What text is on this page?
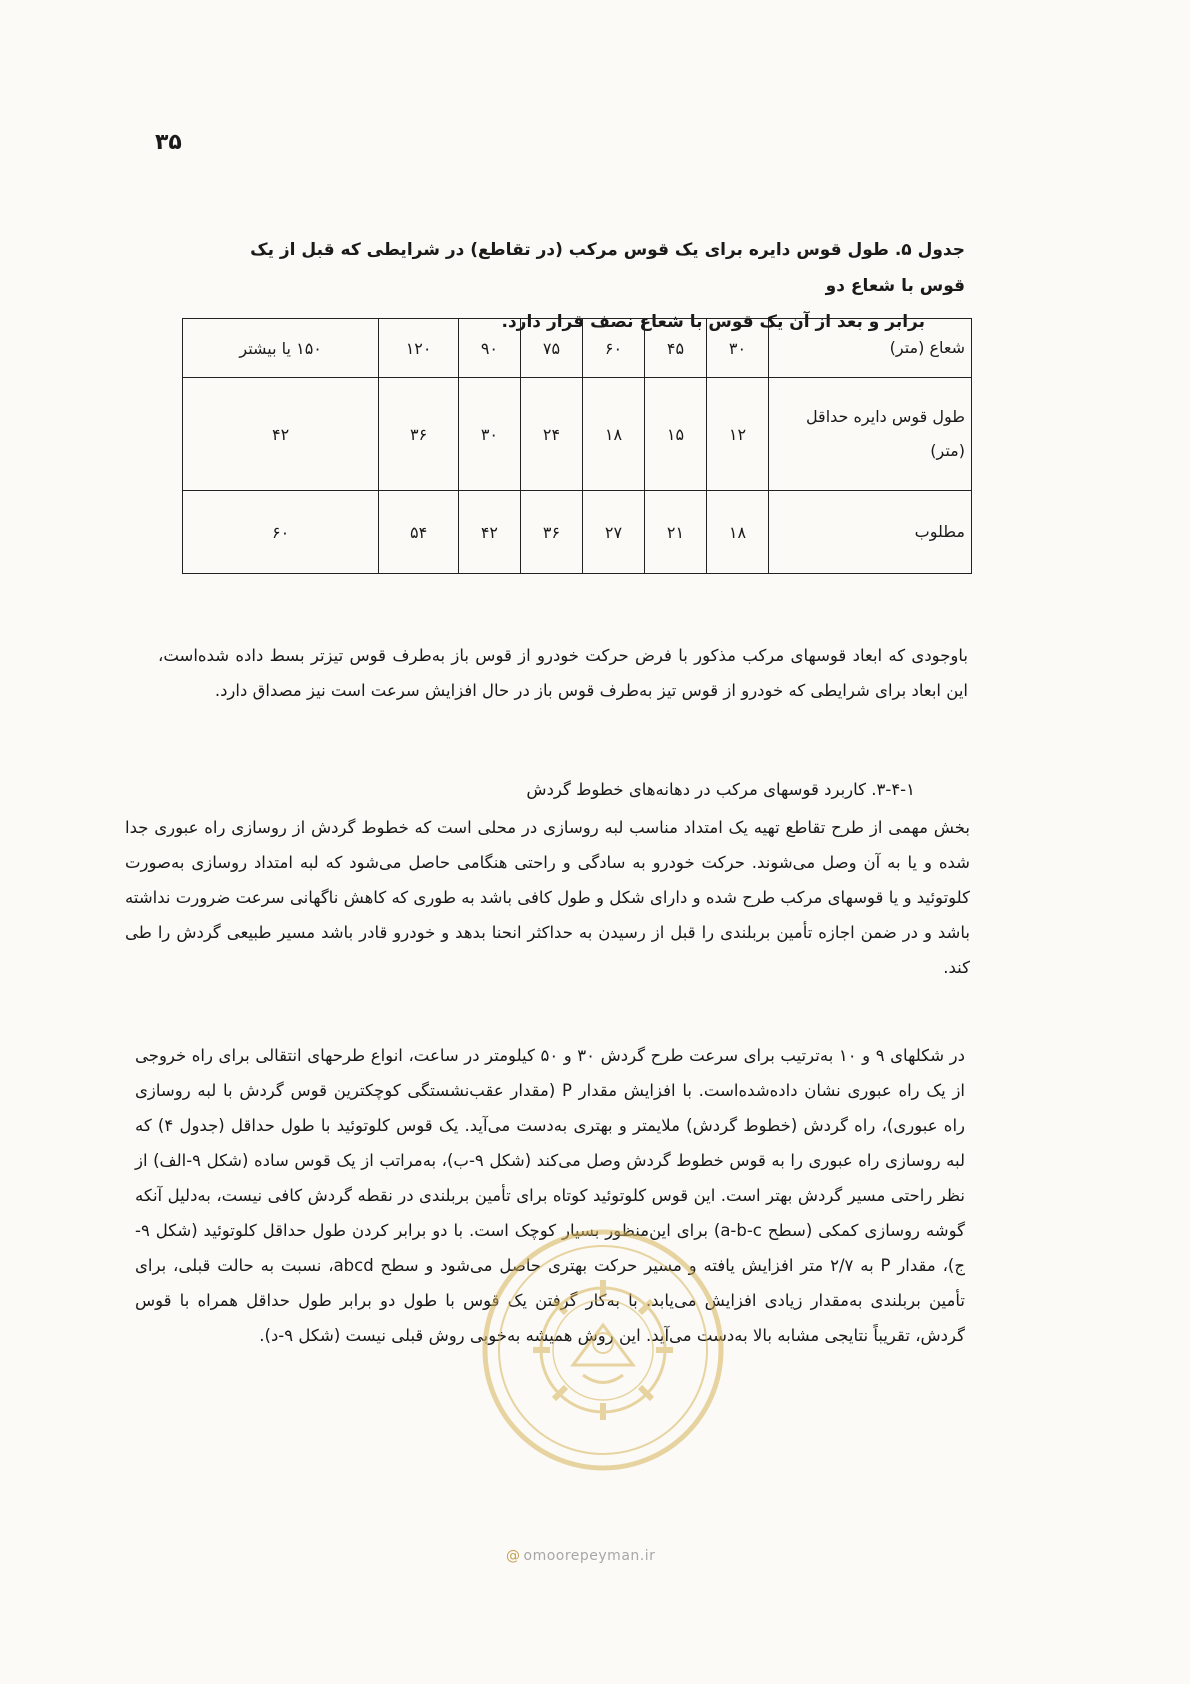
۳۵
جدول ۵. طول قوس دایره برای یک قوس مرکب (در تقاطع) در شرایطی که قبل از یک قوس با شعاع دو
برابر و بعد از آن یک قوس با شعاع نصف قرار دارد.
شعاع (متر)	۳۰	۴۵	۶۰	۷۵	۹۰	۱۲۰	۱۵۰ یا بیشتر
طول قوس دایره حداقل (متر)	۱۲	۱۵	۱۸	۲۴	۳۰	۳۶	۴۲
مطلوب	۱۸	۲۱	۲۷	۳۶	۴۲	۵۴	۶۰
باوجودی که ابعاد قوسهای مرکب مذکور با فرض حرکت خودرو از قوس باز به‌طرف قوس تیزتر بسط داده شده‌است، این ابعاد برای شرایطی که خودرو از قوس تیز به‌طرف قوس باز در حال افزایش سرعت است نیز مصداق دارد.
۳-۴-۱. کاربرد قوسهای مرکب در دهانه‌های خطوط گردش
بخش مهمی از طرح تقاطع تهیه یک امتداد مناسب لبه روسازی در محلی است که خطوط گردش از روسازی راه عبوری جدا شده و یا به آن وصل می‌شوند. حرکت خودرو به سادگی و راحتی هنگامی حاصل می‌شود که لبه امتداد روسازی به‌صورت کلوتوئید و یا قوسهای مرکب طرح شده و دارای شکل و طول کافی باشد به طوری که کاهش ناگهانی سرعت ضرورت نداشته باشد و در ضمن اجازه تأمین بربلندی را قبل از رسیدن به حداکثر انحنا بدهد و خودرو قادر باشد مسیر طبیعی گردش را طی کند.
در شکلهای ۹ و ۱۰ به‌ترتیب برای سرعت طرح گردش ۳۰ و ۵۰ کیلومتر در ساعت، انواع طرحهای انتقالی برای راه خروجی از یک راه عبوری نشان داده‌شده‌است. با افزایش مقدار P (مقدار عقب‌نشستگی کوچکترین قوس گردش با لبه روسازی راه عبوری)، راه گردش (خطوط گردش) ملایمتر و بهتری به‌دست می‌آید. یک قوس کلوتوئید با طول حداقل (جدول ۴) که لبه روسازی راه عبوری را به قوس خطوط گردش وصل می‌کند (شکل ۹-ب)، به‌مراتب از یک قوس ساده (شکل ۹-الف) از نظر راحتی مسیر گردش بهتر است. این قوس کلوتوئید کوتاه برای تأمین بربلندی در نقطه گردش کافی نیست، به‌دلیل آنکه گوشه روسازی کمکی (سطح a-b-c) برای این‌منظور بسیار کوچک است. با دو برابر کردن طول حداقل کلوتوئید (شکل ۹-ج)، مقدار P به ۲/۷ متر افزایش یافته و مسیر حرکت بهتری حاصل می‌شود و سطح abcd، نسبت به حالت قبلی، برای تأمین بربلندی به‌مقدار زیادی افزایش می‌یابد. با به‌کار گرفتن یک قوس با طول دو برابر طول حداقل همراه با قوس گردش، تقریباً نتایجی مشابه بالا به‌دست می‌آید. این روش همیشه به‌خوبی روش قبلی نیست (شکل ۹-د).
@ omoorepeyman.ir
